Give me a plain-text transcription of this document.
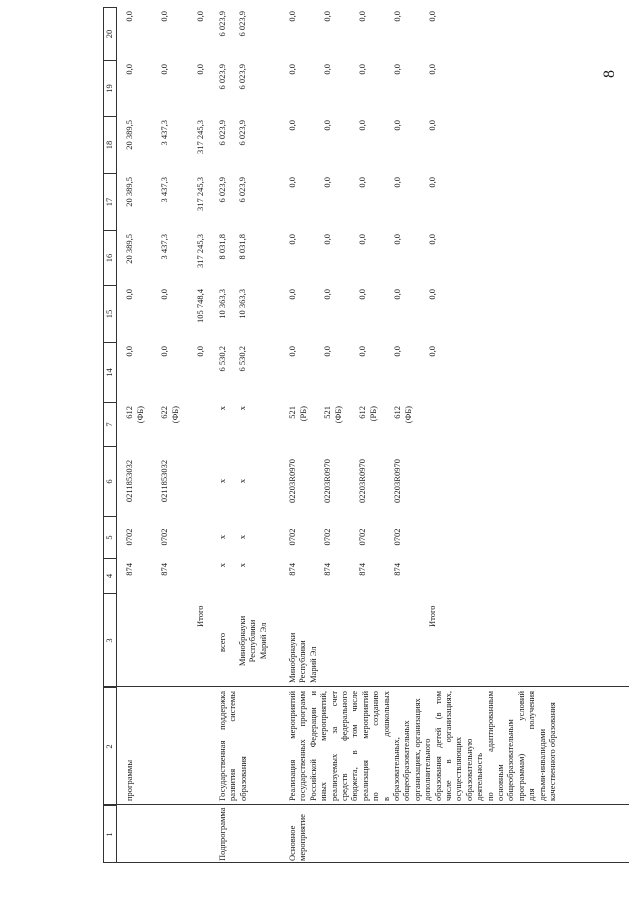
8
1
2
3
4
5
6
7
14
15
16
17
18
19
20
программы
874
0702
0211853032
612 (ФБ)
0,0
0,0
20 389,5
20 389,5
20 389,5
0,0
0,0
874
0702
0211853032
622 (ФБ)
0,0
0,0
3 437,3
3 437,3
3 437,3
0,0
0,0
Итого
0,0
105 748,4
317 245,3
317 245,3
317 245,3
0,0
0,0
Подпрограмма
Государственная поддержка развития системы образования
всего
х
х
х
х
6 530,2
10 363,3
8 031,8
6 023,9
6 023,9
6 023,9
6 023,9
Минобрнауки Республики Марий Эл
х
х
х
х
6 530,2
10 363,3
8 031,8
6 023,9
6 023,9
6 023,9
6 023,9
Основное мероприятие
Реализация мероприятий государственных программ Российской Федерации и иных мероприятий, реализуемых за счет средств федерального бюджета, в том числе реализация мероприятий по созданию в дошкольных образовательных, общеобразовательных организациях, организациях дополнительного образования детей (в том числе в организациях, осуществляющих образовательную деятельность по адаптированным основным общеобразовательным программам) условий для получения детьми-инвалидами качественного образования
Минобрнауки Республики Марий Эл
874
0702
02203R0970
521 (РБ)
0,0
0,0
0,0
0,0
0,0
0,0
0,0
874
0702
02203R0970
521 (ФБ)
0,0
0,0
0,0
0,0
0,0
0,0
0,0
874
0702
02203R0970
612 (РБ)
0,0
0,0
0,0
0,0
0,0
0,0
0,0
874
0702
02203R0970
612 (ФБ)
0,0
0,0
0,0
0,0
0,0
0,0
0,0
Итого
0,0
0,0
0,0
0,0
0,0
0,0
0,0
